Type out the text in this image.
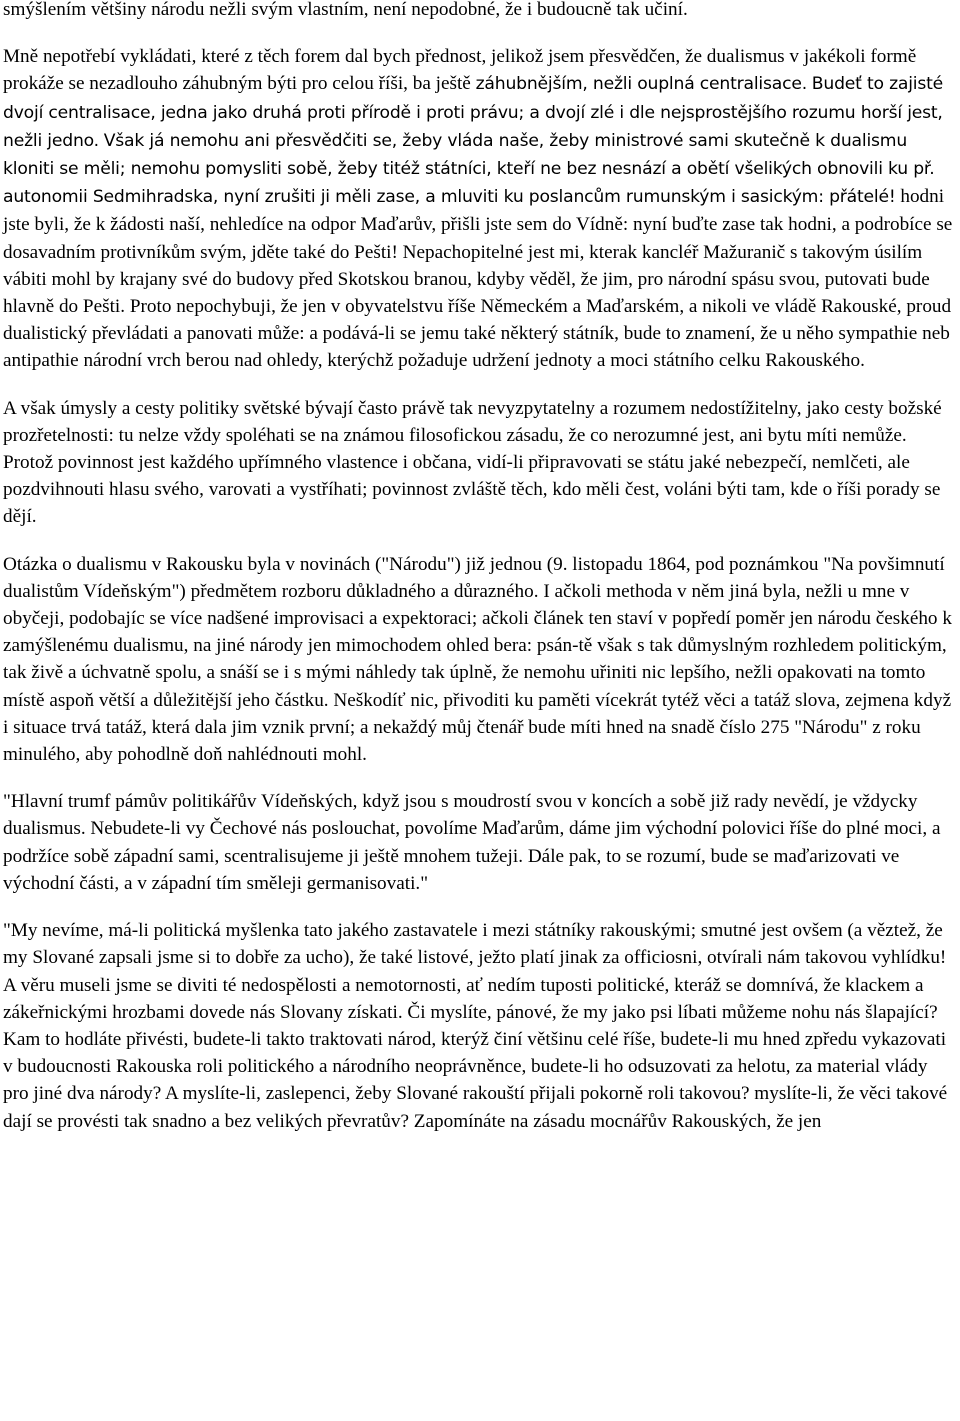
smýšlením většiny národu nežli svým vlastním, není nepodobné, že i budoucně tak učiní.

Mně nepotřebí vykládati, které z těch forem dal bych přednost, jelikož jsem přesvědčen, že dualismus v jakékoli formě prokáže se nezadlouho záhubným býti pro celou říši, ba ještě záhubnějším, nežli ouplná centralisace. Budeť to zajisté dvojí centralisace, jedna jako druhá proti přírodě i proti právu; a dvojí zlé i dle nejsprostějšího rozumu horší jest, nežli jedno. Však já nemohu ani přesvědčiti se, žeby vláda naše, žeby ministrové sami skutečně k dualismu kloniti se měli; nemohu pomysliti sobě, žeby titéž státníci, kteří ne bez nesnází a obětí všelikých obnovili ku př. autonomii Sedmihradska, nyní zrušiti ji měli zase, a mluviti ku poslancům rumunským i sasickým: přátelé! hodni jste byli, že k žádosti naší, nehledíce na odpor Maďarův, přišli jste sem do Vídně: nyní buďte zase tak hodni, a podrobíce se dosavadním protivníkům svým, jděte také do Pešti! Nepachopitelné jest mi, kterak kancléř Mažuranič s takovým úsilím vábiti mohl by krajany své do budovy před Skotskou branou, kdyby věděl, že jim, pro národní spásu svou, putovati bude hlavně do Pešti. Proto nepochybuji, že jen v obyvatelstvu říše Německém a Maďarském, a nikoli ve vládě Rakouské, proud dualistický převládati a panovati může: a podává-li se jemu také některý státník, bude to znamení, že u něho sympathie neb antipathie národní vrch berou nad ohledy, kterýchž požaduje udržení jednoty a moci státního celku Rakouského.

A však úmysly a cesty politiky světské bývají často právě tak nevyzpytatelny a rozumem nedostížitelny, jako cesty božské prozřetelnosti: tu nelze vždy spoléhati se na známou filosofickou zásadu, že co nerozumné jest, ani bytu míti nemůže. Protož povinnost jest každého upřímného vlastence i občana, vidí-li připravovati se státu jaké nebezpečí, nemlčeti, ale pozdvihnouti hlasu svého, varovati a vystříhati; povinnost zvláště těch, kdo měli čest, voláni býti tam, kde o říši porady se dějí.

Otázka o dualismu v Rakousku byla v novinách ("Národu") již jednou (9. listopadu 1864, pod poznámkou "Na povšimnutí dualistům Vídeňským") předmětem rozboru důkladného a důrazného. I ačkoli methoda v něm jiná byla, nežli u mne v obyčeji, podobajíc se více nadšené improvisaci a expektoraci; ačkoli článek ten staví v popředí poměr jen národu českého k zamýšlenému dualismu, na jiné národy jen mimochodem ohled bera: psán-tě však s tak důmyslným rozhledem politickým, tak živě a úchvatně spolu, a snáší se i s mými náhledy tak úplně, že nemohu uřiniti nic lepšího, nežli opakovati na tomto místě aspoň větší a důležitější jeho částku. Neškodíť nic, přivoditi ku paměti vícekrát tytéž věci a tatáž slova, zejmena když i situace trvá tatáž, která dala jim vznik první; a nekaždý můj čtenář bude míti hned na snadě číslo 275 "Národu" z roku minulého, aby pohodlně doň nahlédnouti mohl.

"Hlavní trumf pámův politikářův Vídeňských, když jsou s moudrostí svou v koncích a sobě již rady nevědí, je vždycky dualismus. Nebudete-li vy Čechové nás poslouchat, povolíme Maďarům, dáme jim východní polovici říše do plné moci, a podržíce sobě západní sami, scentralisujeme ji ještě mnohem tužeji. Dále pak, to se rozumí, bude se maďarizovati ve východní části, a v západní tím směleji germanisovati."

"My nevíme, má-li politická myšlenka tato jakého zastavatele i mezi státníky rakouskými; smutné jest ovšem (a věztež, že my Slované zapsali jsme si to dobře za ucho), že také listové, ježto platí jinak za officiosni, otvírali nám takovou vyhlídku! A věru museli jsme se diviti té nedospělosti a nemotornosti, ať nedím tuposti politické, kteráž se domnívá, že klackem a zákeřnickými hrozbami dovede nás Slovany získati. Či myslíte, pánové, že my jako psi líbati můžeme nohu nás šlapající? Kam to hodláte přivésti, budete-li takto traktovati národ, kterýž činí většinu celé říše, budete-li mu hned zpředu vykazovati v budoucnosti Rakouska roli politického a národního neoprávněnce, budete-li ho odsuzovati za helotu, za material vlády pro jiné dva národy? A myslíte-li, zaslepenci, žeby Slované rakouští přijali pokorně roli takovou? myslíte-li, že věci takové dají se provésti tak snadno a bez velikých převratův? Zapomínáte na zásadu mocnářův Rakouských, že jen
